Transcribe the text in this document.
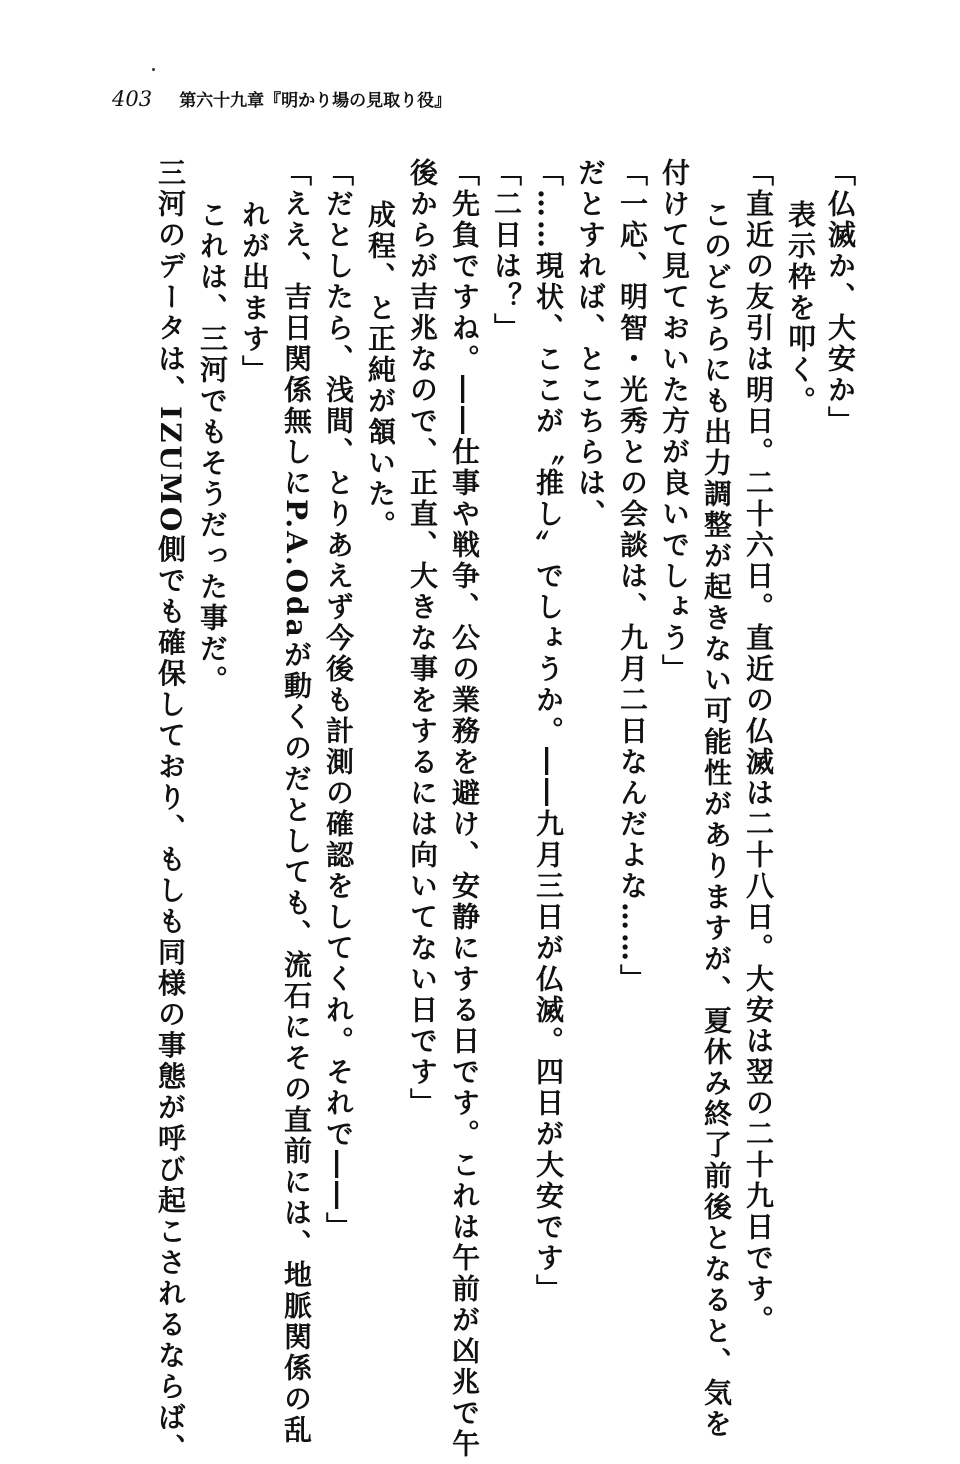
403 第六十九章『明かり場の見取り役』
「仏滅か、大安か」
表示枠を叩く。
「直近の友引は明日。二十六日。直近の仏滅は二十八日。大安は翌の二十九日です。
このどちらにも出力調整が起きない可能性がありますが、夏休み終了前後となると、気を
付けて見ておいた方が良いでしょう」
「一応、明智・光秀との会談は、九月二日なんだよな……」
だとすれば、とこちらは、
「……現状、ここが〝推し〟でしょうか。――九月三日が仏滅。四日が大安です」
「二日は？」
「先負ですね。――仕事や戦争、公の業務を避け、安静にする日です。これは午前が凶兆で午
後からが吉兆なので、正直、大きな事をするには向いてない日です」
成程、と正純が頷いた。
「だとしたら、浅間、とりあえず今後も計測の確認をしてくれ。それで――」
「ええ、吉日関係無しにP.A.Odaが動くのだとしても、流石にその直前には、地脈関係の乱
れが出ます」
これは、三河でもそうだった事だ。
三河のデータは、IZUMO側でも確保しており、もしも同様の事態が呼び起こされるならば、
